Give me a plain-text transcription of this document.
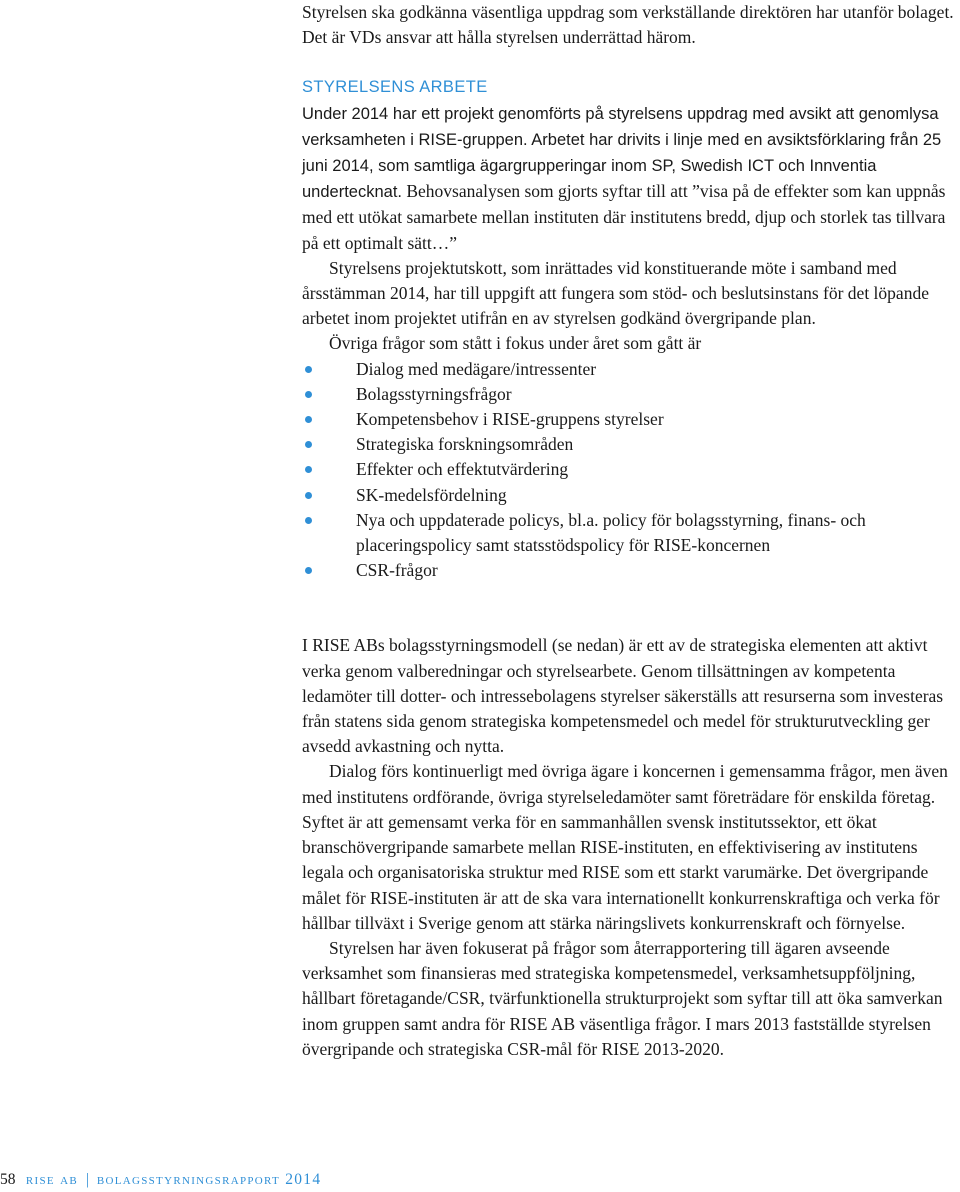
Styrelsen ska godkänna väsentliga uppdrag som verkställande direktören har utanför bolaget. Det är VDs ansvar att hålla styrelsen underrättad härom.

STYRELSENS ARBETE

Under 2014 har ett projekt genomförts på styrelsens uppdrag med avsikt att genomlysa verksamheten i RISE-gruppen. Arbetet har drivits i linje med en avsiktsförklaring från 25 juni 2014, som samtliga ägargrupperingar inom SP, Swedish ICT och Innventia undertecknat. Behovsanalysen som gjorts syftar till att ”visa på de effekter som kan uppnås med ett utökat samarbete mellan instituten där institutens bredd, djup och storlek tas tillvara på ett optimalt sätt…”

Styrelsens projektutskott, som inrättades vid konstituerande möte i samband med årsstämman 2014, har till uppgift att fungera som stöd- och beslutsinstans för det löpande arbetet inom projektet utifrån en av styrelsen godkänd övergripande plan.

Övriga frågor som stått i fokus under året som gått är

Dialog med medägare/intressenter
Bolagsstyrningsfrågor
Kompetensbehov i RISE-gruppens styrelser
Strategiska forskningsområden
Effekter och effektutvärdering
SK-medelsfördelning
Nya och uppdaterade policys, bl.a. policy för bolagsstyrning, finans- och placeringspolicy samt statsstödspolicy för RISE-koncernen
CSR-frågor

I RISE ABs bolagsstyrningsmodell (se nedan) är ett av de strategiska elementen att aktivt verka genom valberedningar och styrelsearbete. Genom tillsättningen av kompetenta ledamöter till dotter- och intressebolagens styrelser säkerställs att resurserna som investeras från statens sida genom strategiska kompetensmedel och medel för strukturutveckling ger avsedd avkastning och nytta.

Dialog förs kontinuerligt med övriga ägare i koncernen i gemensamma frågor, men även med institutens ordförande, övriga styrelseledamöter samt företrädare för enskilda företag. Syftet är att gemensamt verka för en sammanhållen svensk institutssektor, ett ökat branschövergripande samarbete mellan RISE-instituten, en effektivisering av institutens legala och organisatoriska struktur med RISE som ett starkt varumärke. Det övergripande målet för RISE-instituten är att de ska vara internationellt konkurrenskraftiga och verka för hållbar tillväxt i Sverige genom att stärka näringslivets konkurrenskraft och förnyelse.

Styrelsen har även fokuserat på frågor som återrapportering till ägaren avseende verksamhet som finansieras med strategiska kompetensmedel, verksamhetsuppföljning, hållbart företagande/CSR, tvärfunktionella strukturprojekt som syftar till att öka samverkan inom gruppen samt andra för RISE AB väsentliga frågor. I mars 2013 fastställde styrelsen övergripande och strategiska CSR-mål för RISE 2013-2020.

58 rise ab | bolagsstyrningsrapport 2014
